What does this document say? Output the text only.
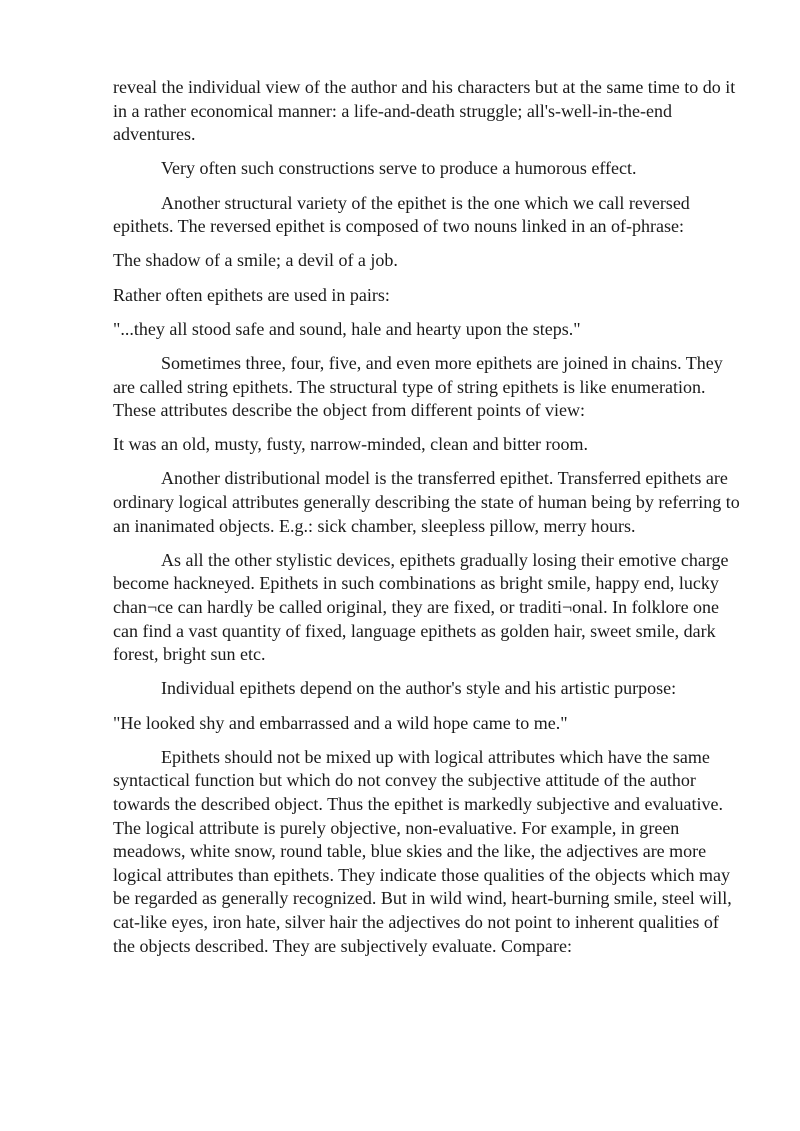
reveal the individual view of the author and his characters but at the same time to do it in a rather economical manner: a life-and-death struggle; all's-well-in-the-end adventures.

Very often such constructions serve to produce a humorous effect.

Another structural variety of the epithet is the one which we call reversed epithets. The reversed epithet is composed of two nouns linked in an of-phrase:

The shadow of a smile; a devil of a job.

Rather often epithets are used in pairs:

"...they all stood safe and sound, hale and hearty upon the steps."

Sometimes three, four, five, and even more epithets are joined in chains. They are called string epithets. The structural type of string epithets is like enumeration. These attributes describe the object from different points of view:

It was an old, musty, fusty, narrow-minded, clean and bitter room.

Another distributional model is the transferred epithet. Transferred epithets are ordinary logical attributes generally describing the state of human being by referring to an inanimated objects. E.g.: sick chamber, sleepless pillow, merry hours.

As all the other stylistic devices, epithets gradually losing their emotive charge become hackneyed. Epithets in such combinations as bright smile, happy end, lucky chan¬ce can hardly be called original, they are fixed, or traditi¬onal. In folklore one can find a vast quantity of fixed, language epithets as golden hair, sweet smile, dark forest, bright sun etc.

Individual epithets depend on the author's style and his artistic purpose:

"He looked shy and embarrassed and a wild hope came to me."

Epithets should not be mixed up with logical attributes which have the same syntactical function but which do not convey the subjective attitude of the author towards the described object. Thus the epithet is markedly subjective and evaluative. The logical attribute is purely objective, non-evaluative. For example, in green meadows, white snow, round table, blue skies and the like, the adjectives are more logical attributes than epithets. They indicate those qualities of the objects which may be regarded as generally recognized. But in wild wind, heart-burning smile, steel will, cat-like eyes, iron hate, silver hair the adjectives do not point to inherent qualities of the objects described. They are subjectively evaluate. Compare:
